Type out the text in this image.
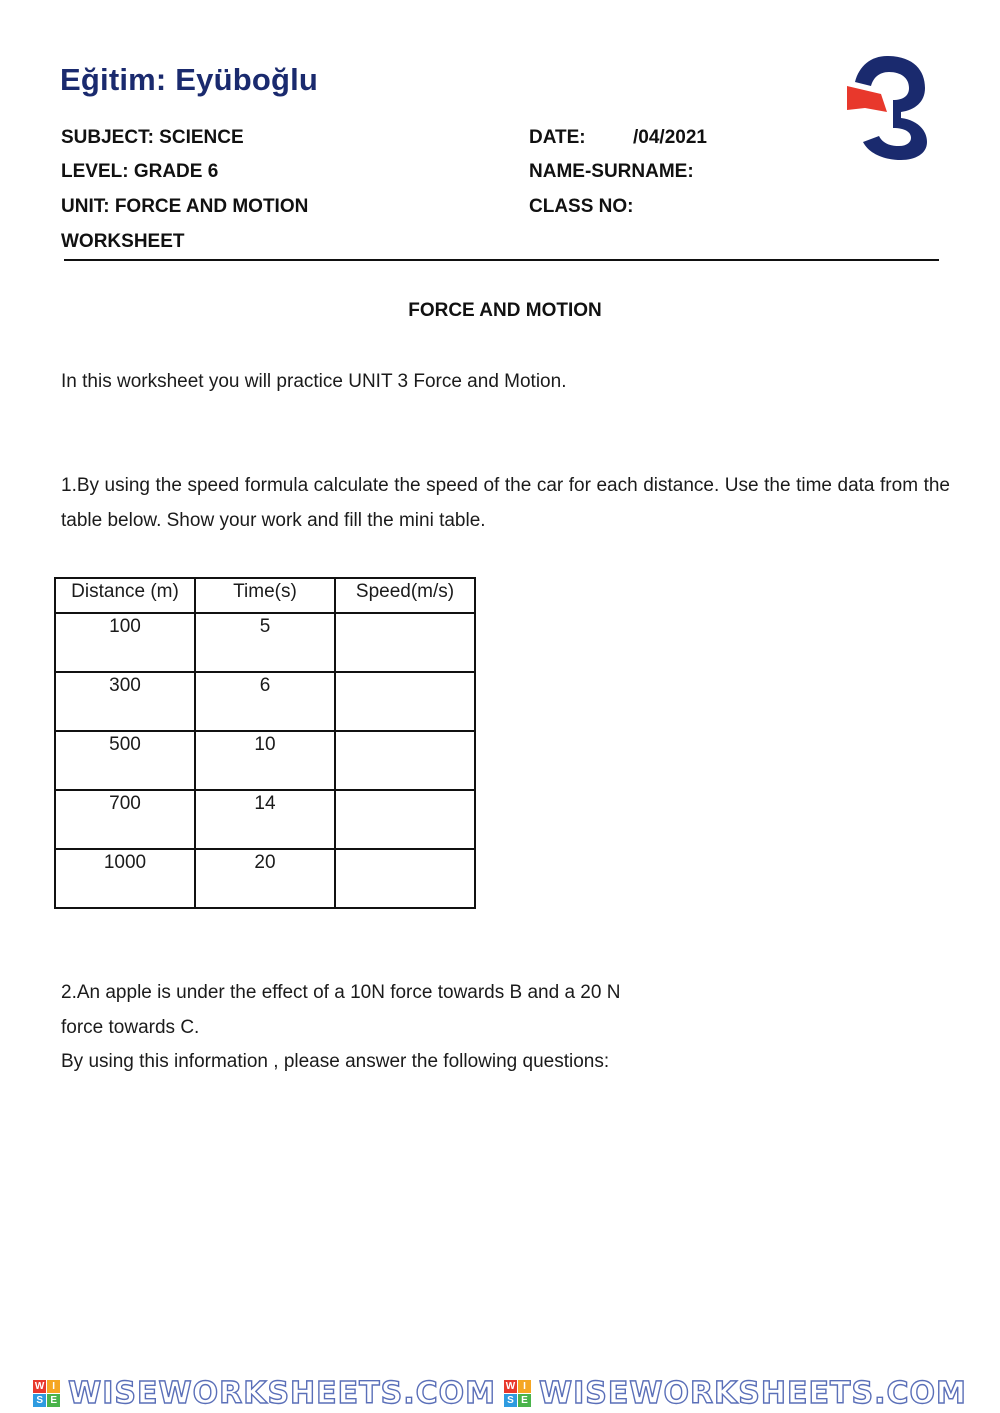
Eğitim: Eyüboğlu
SUBJECT: SCIENCE
LEVEL: GRADE 6
UNIT: FORCE AND MOTION
WORKSHEET
DATE: /04/2021
NAME-SURNAME:
CLASS NO:
FORCE AND MOTION
In this worksheet you will practice UNIT 3 Force and Motion.
1.By using the speed formula calculate the speed of the car for each distance. Use the time data from the table below. Show your work and fill the mini table.
Distance (m)	Time(s)	Speed(m/s)
100	5	
300	6	
500	10	
700	14	
1000	20	
2.An apple is under the effect of a 10N force towards B and a 20 N
force towards C.
By using this information , please answer the following questions:
W I
S E WISEWORKSHEETS.COM W I
S E WISEWORKSHEETS.COM
